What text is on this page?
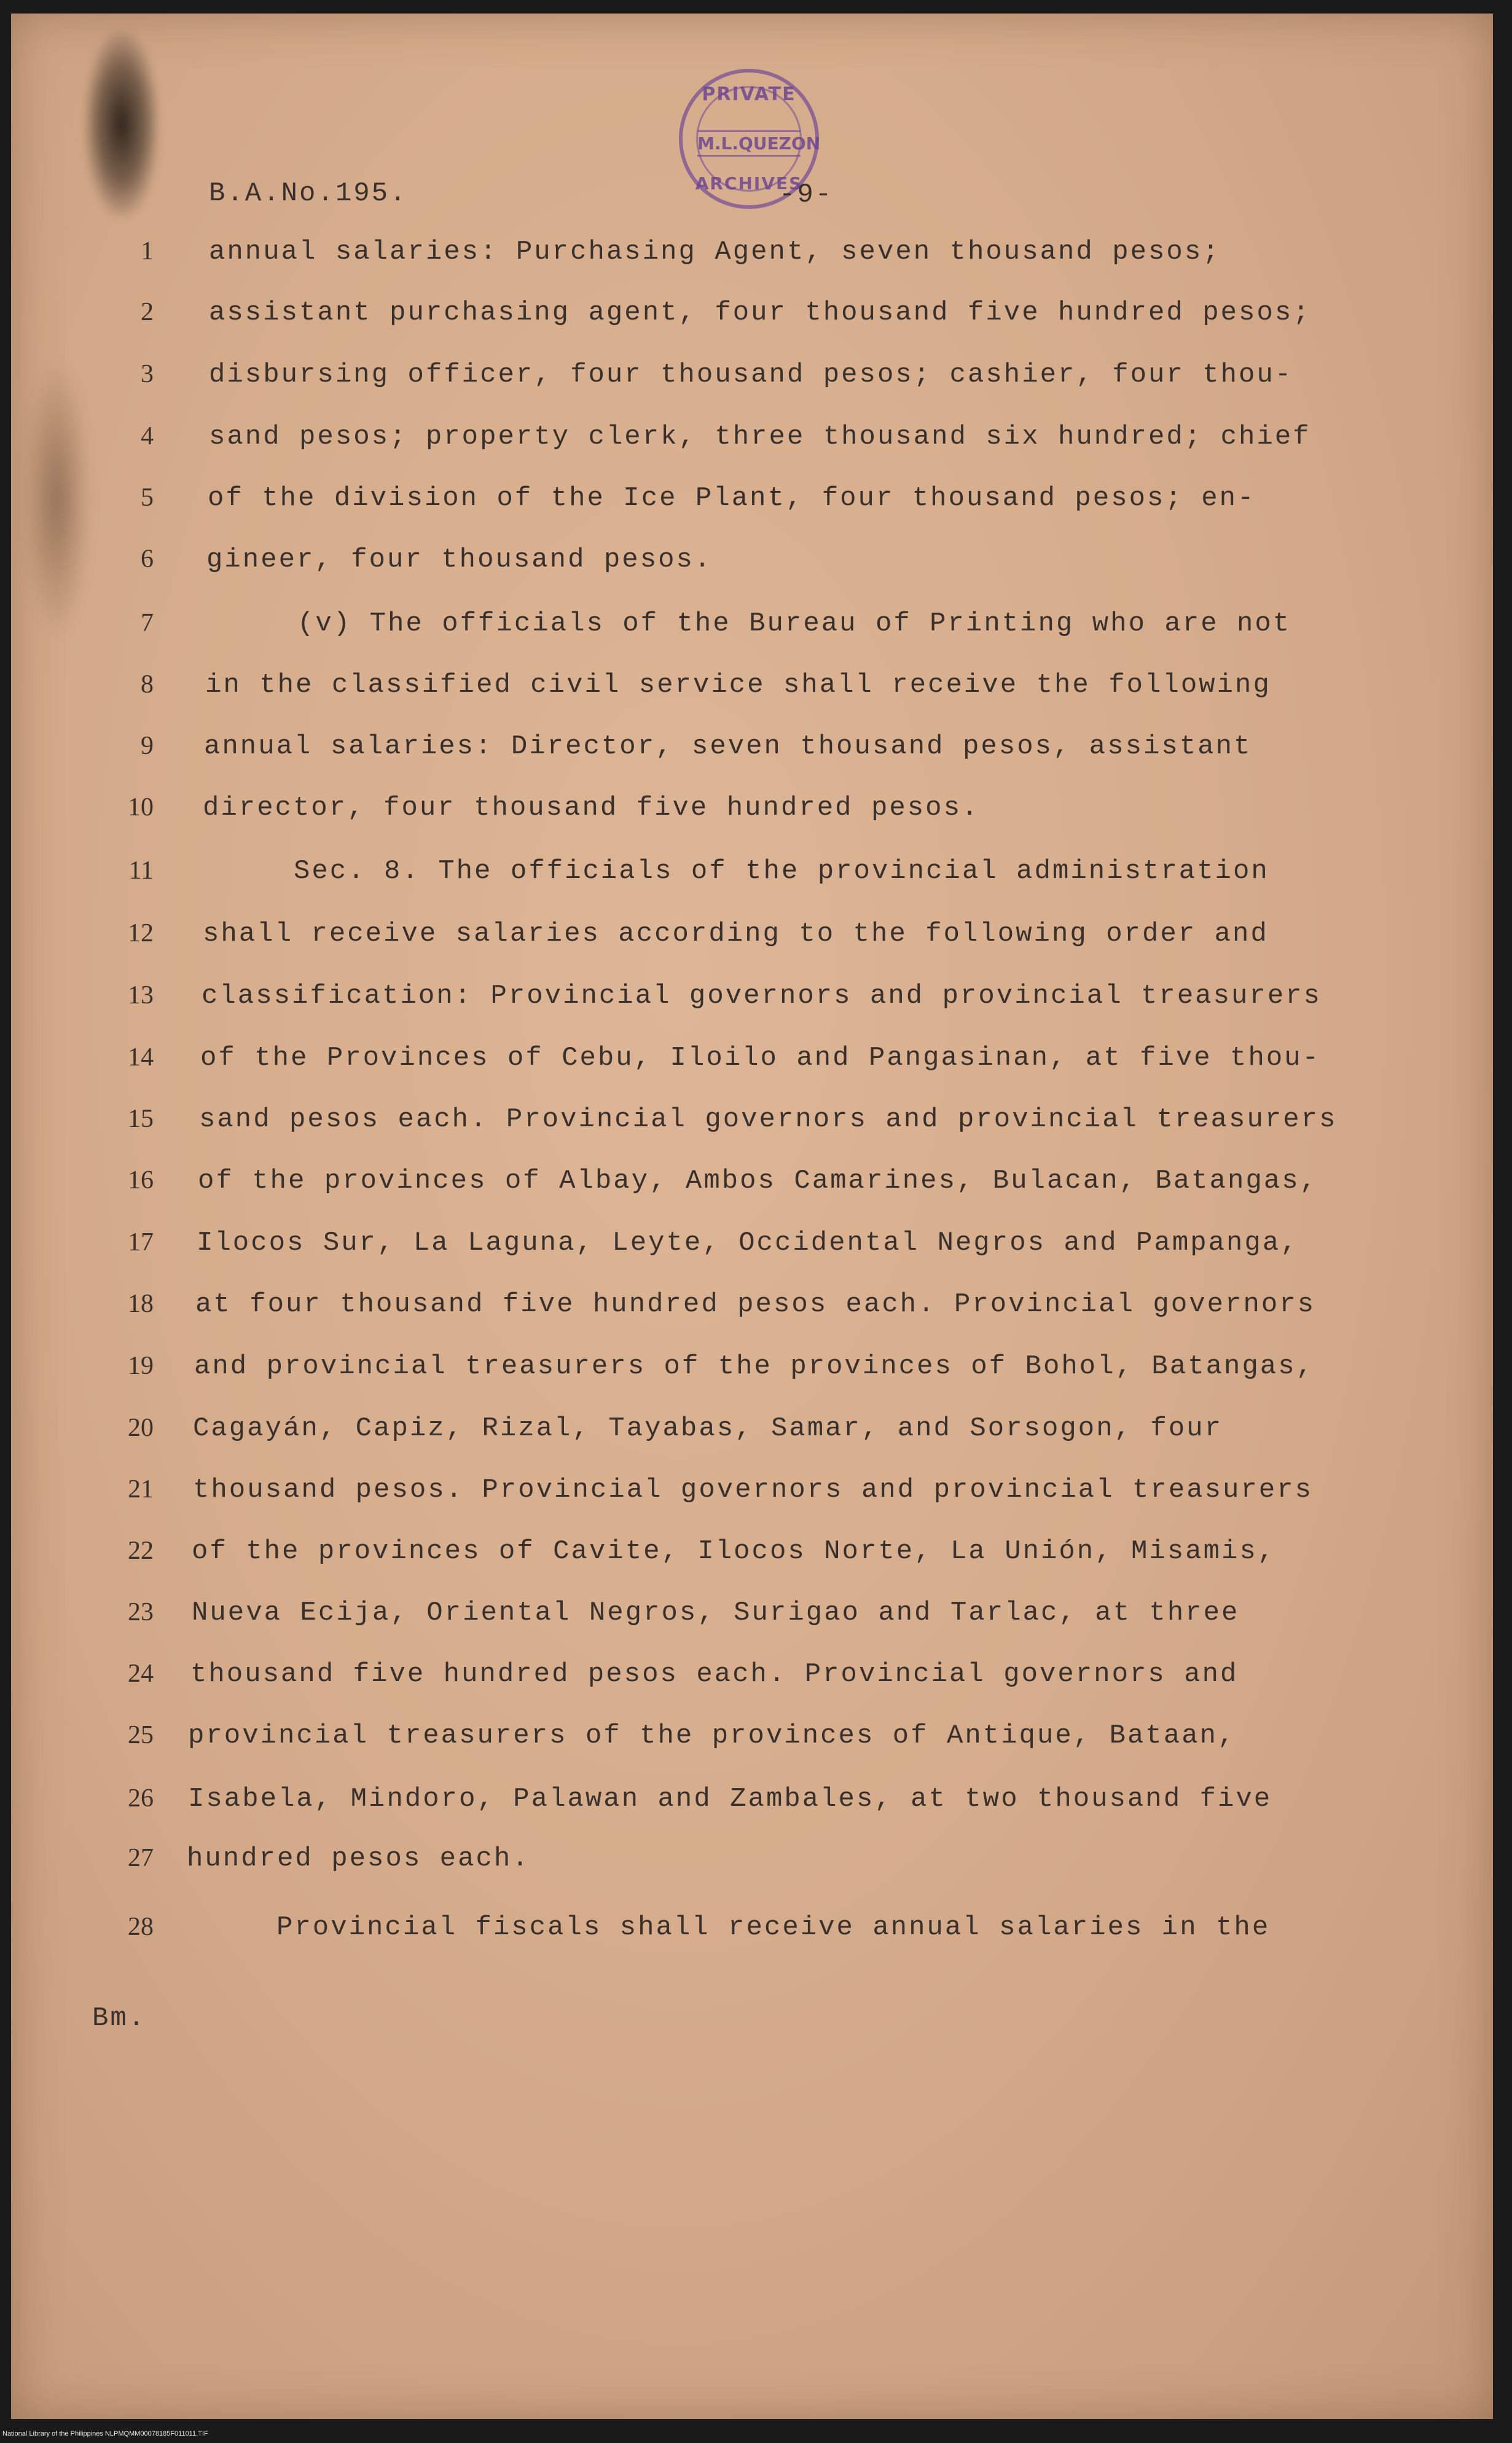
PRIVATE
M.L.QUEZON
ARCHIVES
B.A.No.195.	-9-
1 annual salaries: Purchasing Agent, seven thousand pesos;
2 assistant purchasing agent, four thousand five hundred pesos;
3 disbursing officer, four thousand pesos; cashier, four thou-
4 sand pesos; property clerk, three thousand six hundred; chief
5 of the division of the Ice Plant, four thousand pesos; en-
6 gineer, four thousand pesos.
7	(v) The officials of the Bureau of Printing who are not
8 in the classified civil service shall receive the following
9 annual salaries: Director, seven thousand pesos, assistant
10 director, four thousand five hundred pesos.
11	Sec. 8. The officials of the provincial administration
12 shall receive salaries according to the following order and
13 classification: Provincial governors and provincial treasurers
14 of the Provinces of Cebu, Iloilo and Pangasinan, at five thou-
15 sand pesos each. Provincial governors and provincial treasurers
16 of the provinces of Albay, Ambos Camarines, Bulacan, Batangas,
17 Ilocos Sur, La Laguna, Leyte, Occidental Negros and Pampanga,
18 at four thousand five hundred pesos each. Provincial governors
19 and provincial treasurers of the provinces of Bohol, Batangas,
20 Cagayán, Capiz, Rizal, Tayabas, Samar, and Sorsogon, four
21 thousand pesos. Provincial governors and provincial treasurers
22 of the provinces of Cavite, Ilocos Norte, La Unión, Misamis,
23 Nueva Ecija, Oriental Negros, Surigao and Tarlac, at three
24 thousand five hundred pesos each. Provincial governors and
25 provincial treasurers of the provinces of Antique, Bataan,
26 Isabela, Mindoro, Palawan and Zambales, at two thousand five
27 hundred pesos each.
28	Provincial fiscals shall receive annual salaries in the
Bm.
National Library of the Philippines NLPMQMM00078185F011011.TIF
